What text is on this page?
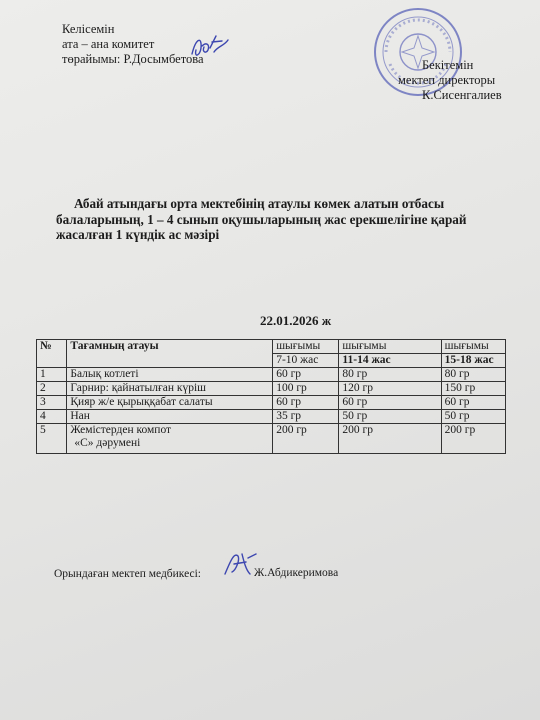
Келісемін
ата – ана комитет
төрайымы: Р.Досымбетова	Бекітемін
мектеп директоры
К.Сисенгалиев
Абай атындағы орта мектебінің атаулы көмек алатын отбасы
балаларының, 1 – 4 сынып оқушыларының жас ерекшелігіне қарай
жасалған 1 күндік ас мәзірі
22.01.2026 ж
№	Тағамның атауы	шығымы	шығымы	шығымы
		7-10 жас	11-14 жас	15-18 жас
1	Балық котлеті	60 гр	80 гр	80 гр
2	Гарнир: қайнатылған күріш	100 гр	120 гр	150 гр
3	Қияр ж/е қырыққабат салаты	60 гр	60 гр	60 гр
4	Нан	35 гр	50 гр	50 гр
5	Жемістерден компот
«С» дәрумені	200 гр	200 гр	200 гр
Орындаған мектеп медбикесі:	Ж.Абдикеримова
